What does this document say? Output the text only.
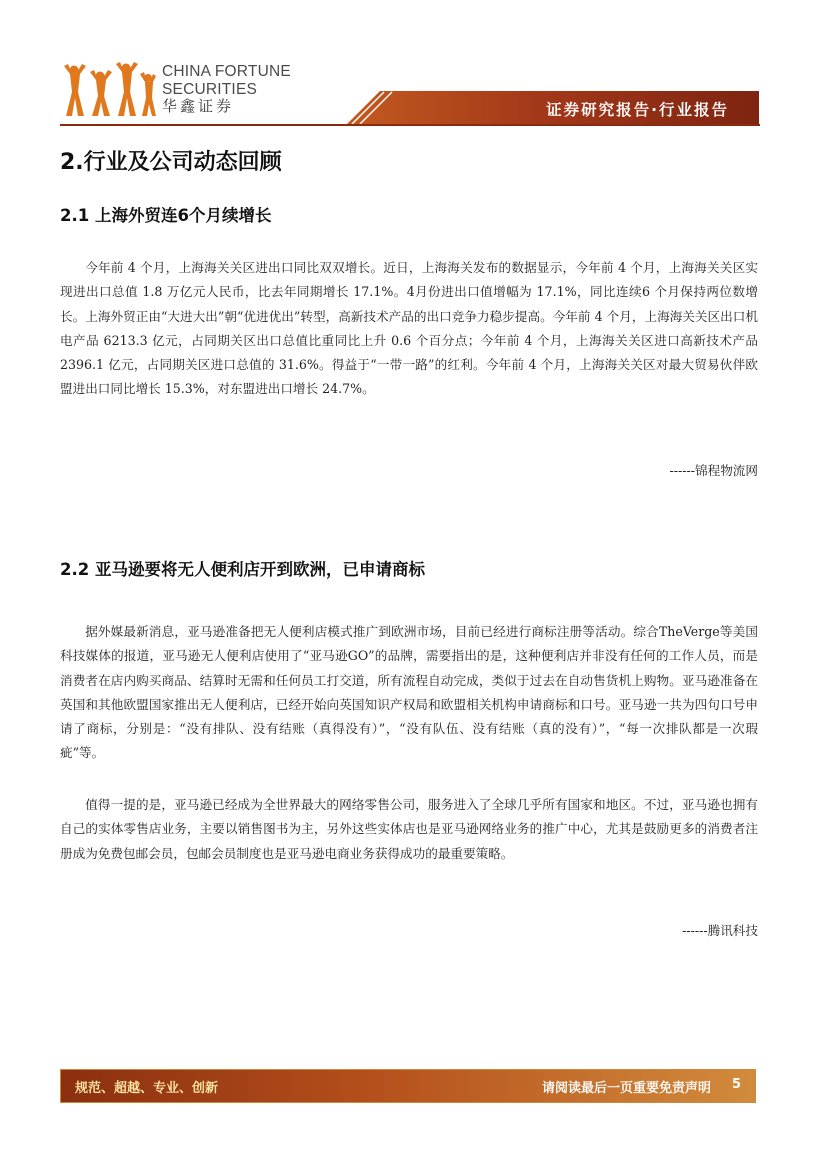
CHINA FORTUNE
SECURITIES
华鑫证券	证券研究报告·行业报告
2.行业及公司动态回顾
2.1 上海外贸连6个月续增长
今年前 4 个月，上海海关关区进出口同比双双增长。近日，上海海关发布的数据显示，今年前 4 个月，上海海关关区实现进出口总值 1.8 万亿元人民币，比去年同期增长 17.1%。4月份进出口值增幅为 17.1%，同比连续6 个月保持两位数增长。上海外贸正由“大进大出”朝“优进优出”转型，高新技术产品的出口竞争力稳步提高。今年前 4 个月，上海海关关区出口机电产品 6213.3 亿元，占同期关区出口总值比重同比上升 0.6 个百分点；今年前 4 个月，上海海关关区进口高新技术产品 2396.1 亿元，占同期关区进口总值的 31.6%。得益于“一带一路”的红利。今年前 4 个月，上海海关关区对最大贸易伙伴欧盟进出口同比增长 15.3%，对东盟进出口增长 24.7%。
------锦程物流网
2.2 亚马逊要将无人便利店开到欧洲，已申请商标
据外媒最新消息，亚马逊准备把无人便利店模式推广到欧洲市场，目前已经进行商标注册等活动。综合TheVerge等美国科技媒体的报道，亚马逊无人便利店使用了“亚马逊GO”的品牌，需要指出的是，这种便利店并非没有任何的工作人员，而是消费者在店内购买商品、结算时无需和任何员工打交道，所有流程自动完成，类似于过去在自动售货机上购物。亚马逊准备在英国和其他欧盟国家推出无人便利店，已经开始向英国知识产权局和欧盟相关机构申请商标和口号。亚马逊一共为四句口号申请了商标，分别是：“没有排队、没有结账（真得没有）”，“没有队伍、没有结账（真的没有）”，“每一次排队都是一次瑕疵”等。
值得一提的是，亚马逊已经成为全世界最大的网络零售公司，服务进入了全球几乎所有国家和地区。不过，亚马逊也拥有自己的实体零售店业务，主要以销售图书为主，另外这些实体店也是亚马逊网络业务的推广中心，尤其是鼓励更多的消费者注册成为免费包邮会员，包邮会员制度也是亚马逊电商业务获得成功的最重要策略。
------腾讯科技
规范、超越、专业、创新	请阅读最后一页重要免责声明 5
